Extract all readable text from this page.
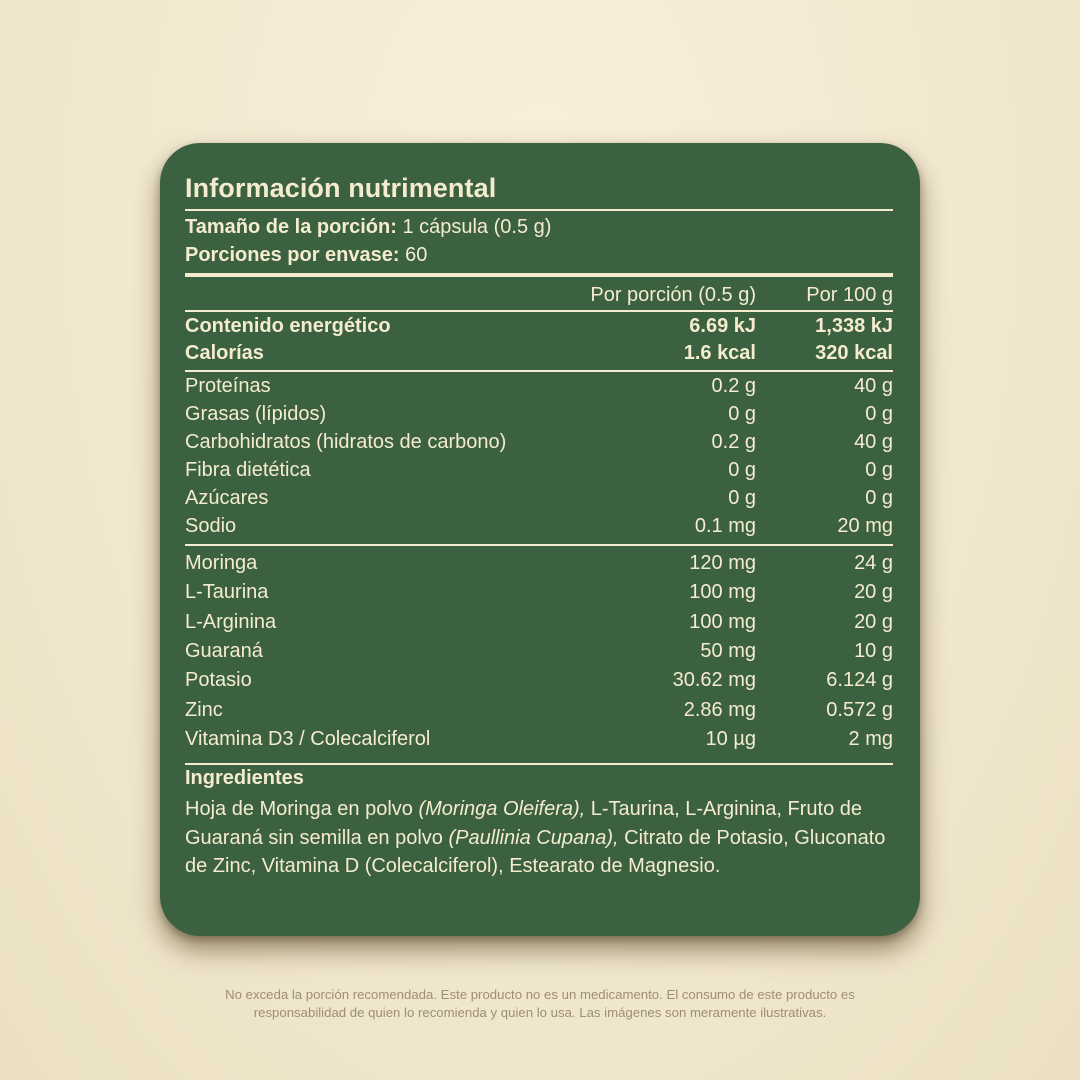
Información nutrimental
Tamaño de la porción: 1 cápsula (0.5 g)
Porciones por envase: 60
Por porción (0.5 g)	Por 100 g
Contenido energético	6.69 kJ	1,338 kJ
Calorías	1.6 kcal	320 kcal
Proteínas	0.2 g	40 g
Grasas (lípidos)	0 g	0 g
Carbohidratos (hidratos de carbono)	0.2 g	40 g
Fibra dietética	0 g	0 g
Azúcares	0 g	0 g
Sodio	0.1 mg	20 mg
Moringa	120 mg	24 g
L-Taurina	100 mg	20 g
L-Arginina	100 mg	20 g
Guaraná	50 mg	10 g
Potasio	30.62 mg	6.124 g
Zinc	2.86 mg	0.572 g
Vitamina D3 / Colecalciferol	10 µg	2 mg
Ingredientes
Hoja de Moringa en polvo (Moringa Oleifera), L-Taurina, L-Arginina, Fruto de Guaraná sin semilla en polvo (Paullinia Cupana), Citrato de Potasio, Gluconato de Zinc, Vitamina D (Colecalciferol), Estearato de Magnesio.
No exceda la porción recomendada. Este producto no es un medicamento. El consumo de este producto es
responsabilidad de quien lo recomienda y quien lo usa. Las imágenes son meramente ilustrativas.
